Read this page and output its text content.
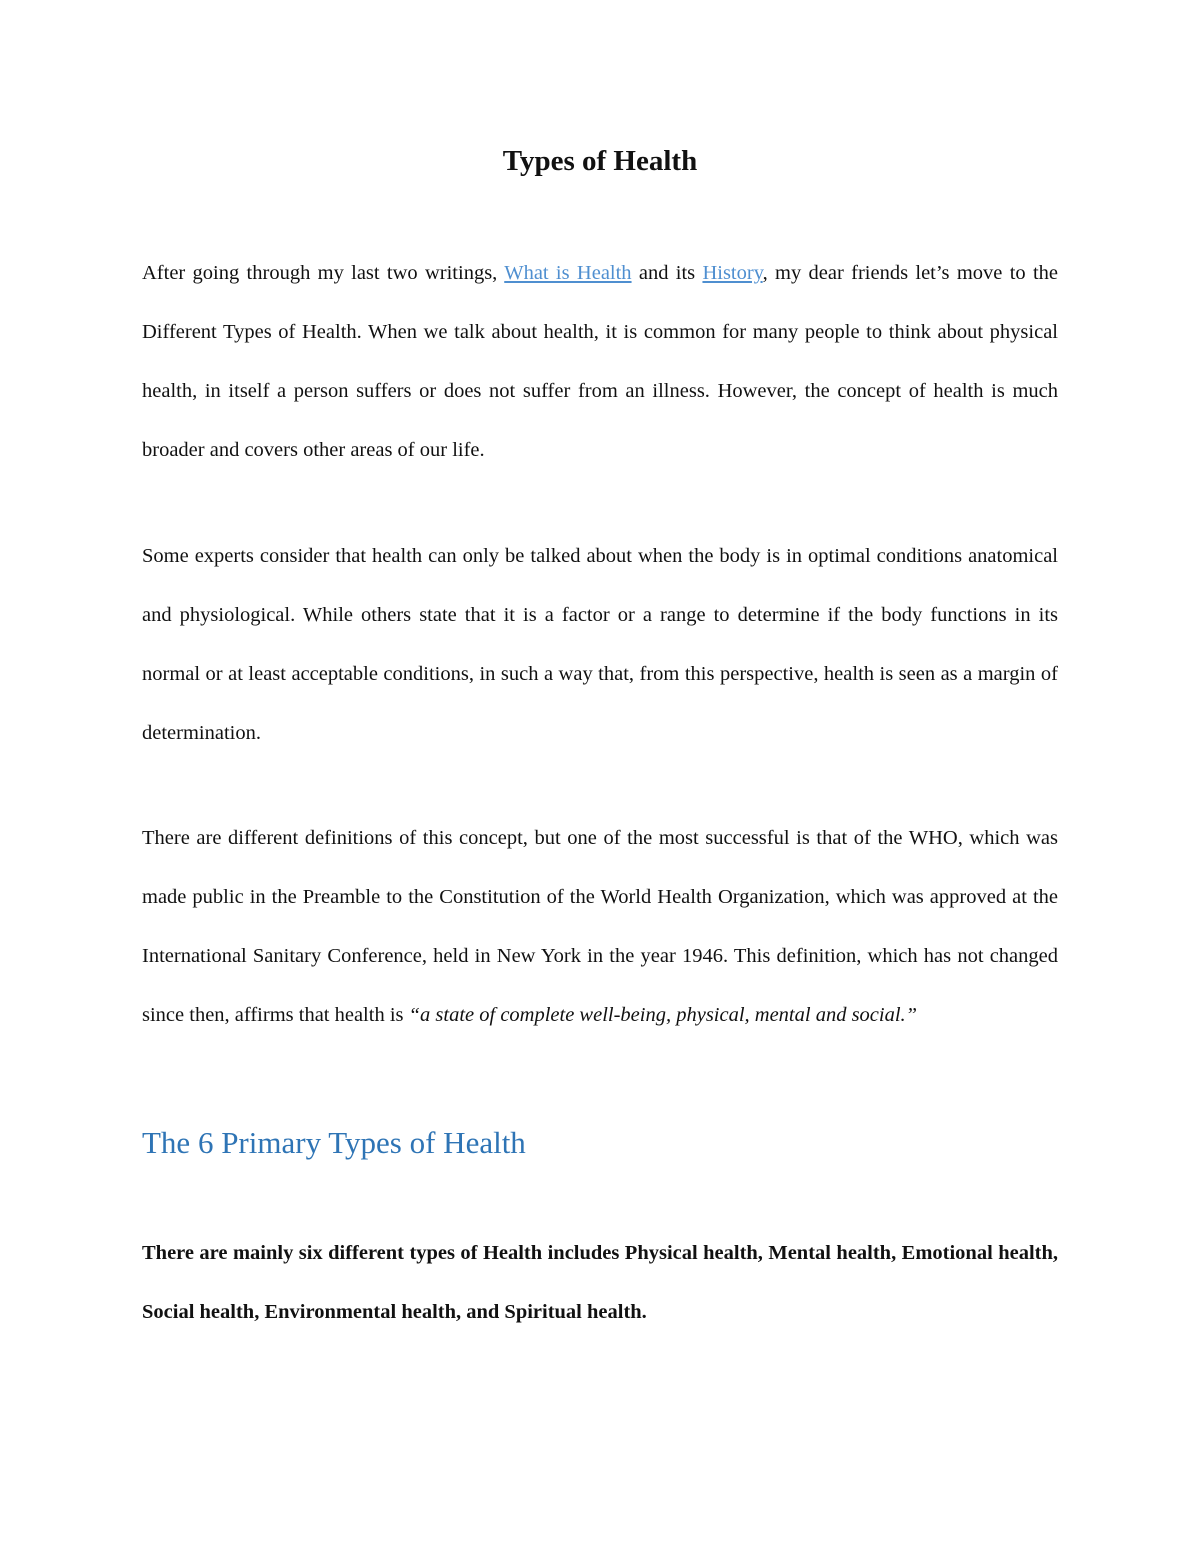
Types of Health

After going through my last two writings, What is Health and its History, my dear friends let’s move to the Different Types of Health. When we talk about health, it is common for many people to think about physical health, in itself a person suffers or does not suffer from an illness. However, the concept of health is much broader and covers other areas of our life.

Some experts consider that health can only be talked about when the body is in optimal conditions anatomical and physiological. While others state that it is a factor or a range to determine if the body functions in its normal or at least acceptable conditions, in such a way that, from this perspective, health is seen as a margin of determination.

There are different definitions of this concept, but one of the most successful is that of the WHO, which was made public in the Preamble to the Constitution of the World Health Organization, which was approved at the International Sanitary Conference, held in New York in the year 1946. This definition, which has not changed since then, affirms that health is “a state of complete well-being, physical, mental and social.”

The 6 Primary Types of Health

There are mainly six different types of Health includes Physical health, Mental health, Emotional health, Social health, Environmental health, and Spiritual health.
